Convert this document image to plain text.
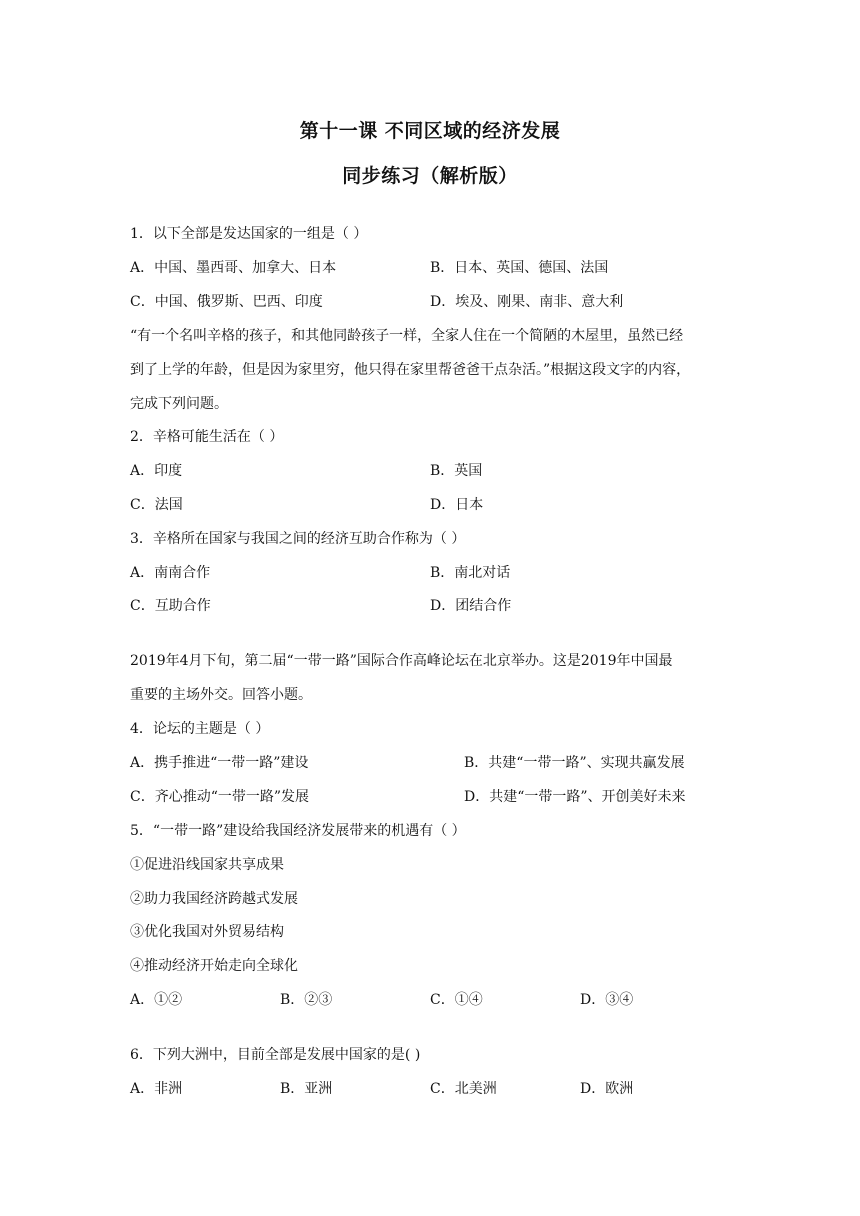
第十一课 不同区域的经济发展
同步练习（解析版）
1．以下全部是发达国家的一组是（ ）
A．中国、墨西哥、加拿大、日本	B．日本、英国、德国、法国
C．中国、俄罗斯、巴西、印度	D．埃及、刚果、南非、意大利
“有一个名叫辛格的孩子，和其他同龄孩子一样，全家人住在一个简陋的木屋里，虽然已经
到了上学的年龄，但是因为家里穷，他只得在家里帮爸爸干点杂活。”根据这段文字的内容，
完成下列问题。
2．辛格可能生活在（ ）
A．印度	B．英国
C．法国	D．日本
3．辛格所在国家与我国之间的经济互助合作称为（ ）
A．南南合作	B．南北对话
C．互助合作	D．团结合作
2019年4月下旬，第二届“一带一路”国际合作高峰论坛在北京举办。这是2019年中国最
重要的主场外交。回答小题。
4．论坛的主题是（ ）
A．携手推进“一带一路”建设	B．共建“一带一路”、实现共赢发展
C．齐心推动“一带一路”发展	D．共建“一带一路”、开创美好未来
5．“一带一路”建设给我国经济发展带来的机遇有（ ）
①促进沿线国家共享成果
②助力我国经济跨越式发展
③优化我国对外贸易结构
④推动经济开始走向全球化
A．①②	B．②③	C．①④	D．③④
6．下列大洲中，目前全部是发展中国家的是( )
A．非洲	B．亚洲	C．北美洲	D．欧洲
